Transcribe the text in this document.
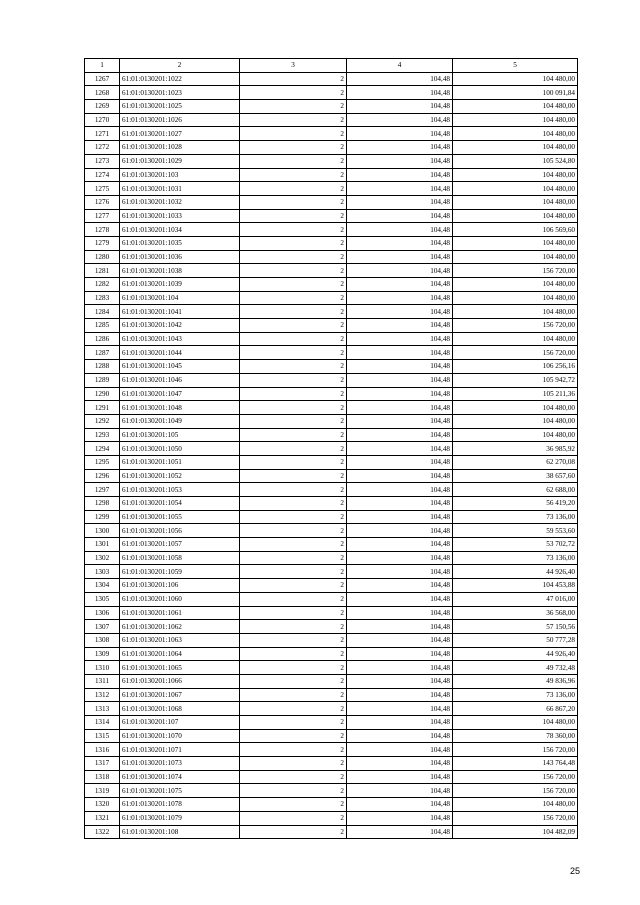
1	2	3	4	5
1267	61:01:0130201:1022	2	104,48	104 480,00
1268	61:01:0130201:1023	2	104,48	100 091,84
1269	61:01:0130201:1025	2	104,48	104 480,00
1270	61:01:0130201:1026	2	104,48	104 480,00
1271	61:01:0130201:1027	2	104,48	104 480,00
1272	61:01:0130201:1028	2	104,48	104 480,00
1273	61:01:0130201:1029	2	104,48	105 524,80
1274	61:01:0130201:103	2	104,48	104 480,00
1275	61:01:0130201:1031	2	104,48	104 480,00
1276	61:01:0130201:1032	2	104,48	104 480,00
1277	61:01:0130201:1033	2	104,48	104 480,00
1278	61:01:0130201:1034	2	104,48	106 569,60
1279	61:01:0130201:1035	2	104,48	104 480,00
1280	61:01:0130201:1036	2	104,48	104 480,00
1281	61:01:0130201:1038	2	104,48	156 720,00
1282	61:01:0130201:1039	2	104,48	104 480,00
1283	61:01:0130201:104	2	104,48	104 480,00
1284	61:01:0130201:1041	2	104,48	104 480,00
1285	61:01:0130201:1042	2	104,48	156 720,00
1286	61:01:0130201:1043	2	104,48	104 480,00
1287	61:01:0130201:1044	2	104,48	156 720,00
1288	61:01:0130201:1045	2	104,48	106 256,16
1289	61:01:0130201:1046	2	104,48	105 942,72
1290	61:01:0130201:1047	2	104,48	105 211,36
1291	61:01:0130201:1048	2	104,48	104 480,00
1292	61:01:0130201:1049	2	104,48	104 480,00
1293	61:01:0130201:105	2	104,48	104 480,00
1294	61:01:0130201:1050	2	104,48	36 985,92
1295	61:01:0130201:1051	2	104,48	62 270,08
1296	61:01:0130201:1052	2	104,48	38 657,60
1297	61:01:0130201:1053	2	104,48	62 688,00
1298	61:01:0130201:1054	2	104,48	56 419,20
1299	61:01:0130201:1055	2	104,48	73 136,00
1300	61:01:0130201:1056	2	104,48	59 553,60
1301	61:01:0130201:1057	2	104,48	53 702,72
1302	61:01:0130201:1058	2	104,48	73 136,00
1303	61:01:0130201:1059	2	104,48	44 926,40
1304	61:01:0130201:106	2	104,48	104 453,88
1305	61:01:0130201:1060	2	104,48	47 016,00
1306	61:01:0130201:1061	2	104,48	36 568,00
1307	61:01:0130201:1062	2	104,48	57 150,56
1308	61:01:0130201:1063	2	104,48	50 777,28
1309	61:01:0130201:1064	2	104,48	44 926,40
1310	61:01:0130201:1065	2	104,48	49 732,48
1311	61:01:0130201:1066	2	104,48	49 836,96
1312	61:01:0130201:1067	2	104,48	73 136,00
1313	61:01:0130201:1068	2	104,48	66 867,20
1314	61:01:0130201:107	2	104,48	104 480,00
1315	61:01:0130201:1070	2	104,48	78 360,00
1316	61:01:0130201:1071	2	104,48	156 720,00
1317	61:01:0130201:1073	2	104,48	143 764,48
1318	61:01:0130201:1074	2	104,48	156 720,00
1319	61:01:0130201:1075	2	104,48	156 720,00
1320	61:01:0130201:1078	2	104,48	104 480,00
1321	61:01:0130201:1079	2	104,48	156 720,00
1322	61:01:0130201:108	2	104,48	104 482,09
25
